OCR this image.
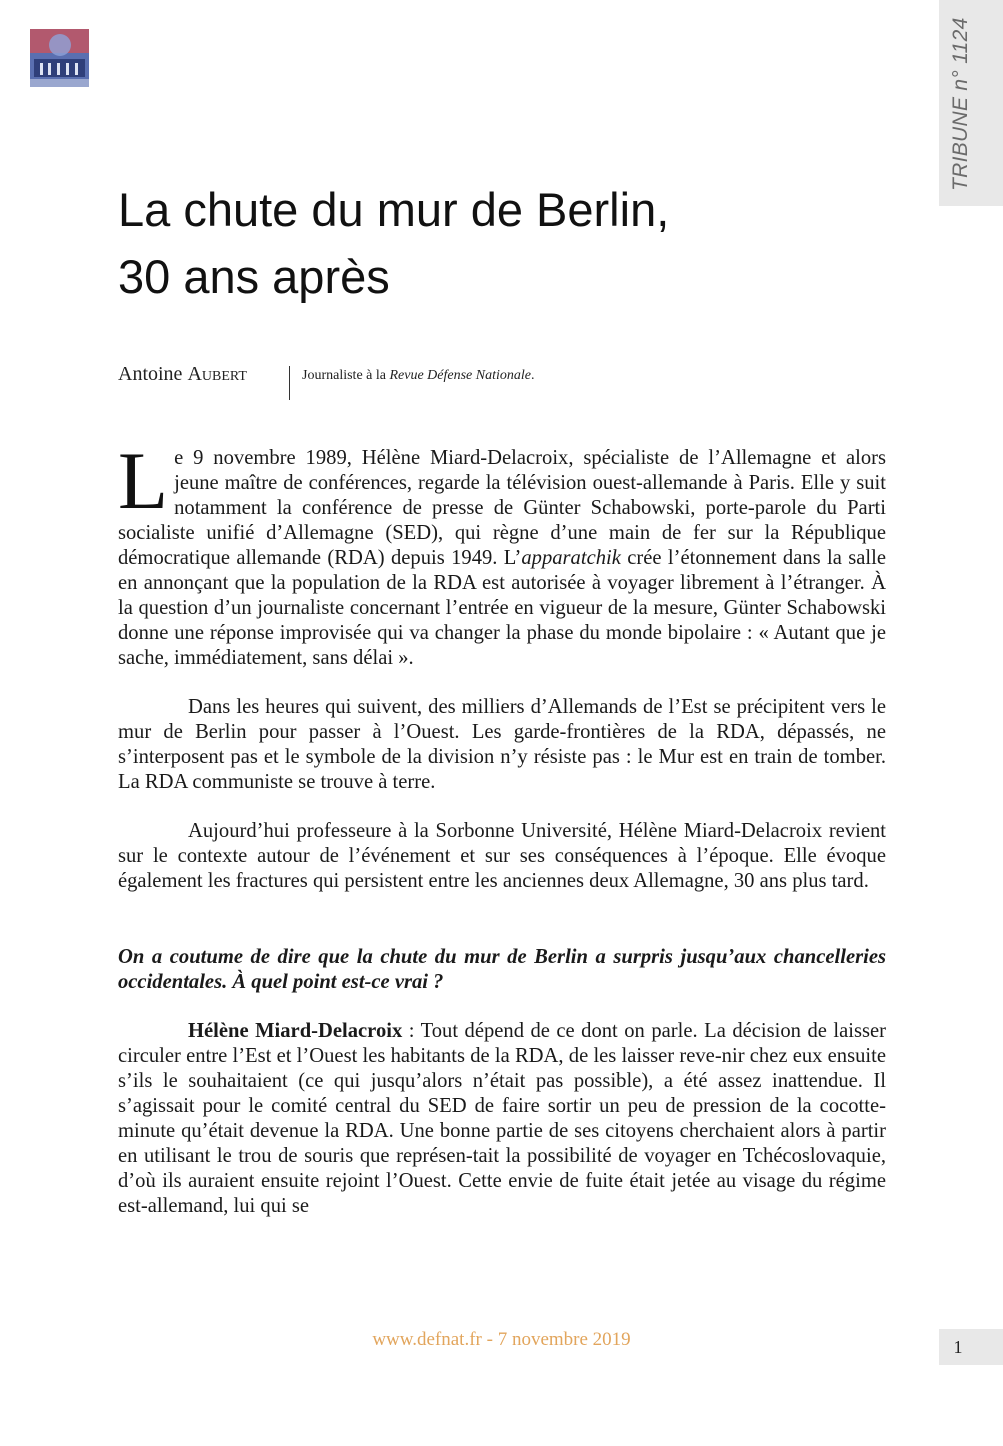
TRIBUNE n° 1124
La chute du mur de Berlin,
30 ans après
Antoine Aubert	Journaliste à la Revue Défense Nationale.

Le 9 novembre 1989, Hélène Miard-Delacroix, spécialiste de l’Allemagne et alors jeune maître de conférences, regarde la télévision ouest-allemande à Paris. Elle y suit notamment la conférence de presse de Günter Schabowski, porte-parole du Parti socialiste unifié d’Allemagne (SED), qui règne d’une main de fer sur la République démocratique allemande (RDA) depuis 1949. L’apparatchik crée l’étonnement dans la salle en annonçant que la population de la RDA est autorisée à voyager librement à l’étranger. À la question d’un journaliste concernant l’entrée en vigueur de la mesure, Günter Schabowski donne une réponse improvisée qui va changer la phase du monde bipolaire : « Autant que je sache, immédiatement, sans délai ».

Dans les heures qui suivent, des milliers d’Allemands de l’Est se précipitent vers le mur de Berlin pour passer à l’Ouest. Les garde-frontières de la RDA, dépassés, ne s’interposent pas et le symbole de la division n’y résiste pas : le Mur est en train de tomber. La RDA communiste se trouve à terre.

Aujourd’hui professeure à la Sorbonne Université, Hélène Miard-Delacroix revient sur le contexte autour de l’événement et sur ses conséquences à l’époque. Elle évoque également les fractures qui persistent entre les anciennes deux Allemagne, 30 ans plus tard.

On a coutume de dire que la chute du mur de Berlin a surpris jusqu’aux chancelleries occidentales. À quel point est-ce vrai ?

Hélène Miard-Delacroix : Tout dépend de ce dont on parle. La décision de laisser circuler entre l’Est et l’Ouest les habitants de la RDA, de les laisser reve-nir chez eux ensuite s’ils le souhaitaient (ce qui jusqu’alors n’était pas possible), a été assez inattendue. Il s’agissait pour le comité central du SED de faire sortir un peu de pression de la cocotte-minute qu’était devenue la RDA. Une bonne partie de ses citoyens cherchaient alors à partir en utilisant le trou de souris que représen-tait la possibilité de voyager en Tchécoslovaquie, d’où ils auraient ensuite rejoint l’Ouest. Cette envie de fuite était jetée au visage du régime est-allemand, lui qui se

www.defnat.fr - 7 novembre 2019	1
